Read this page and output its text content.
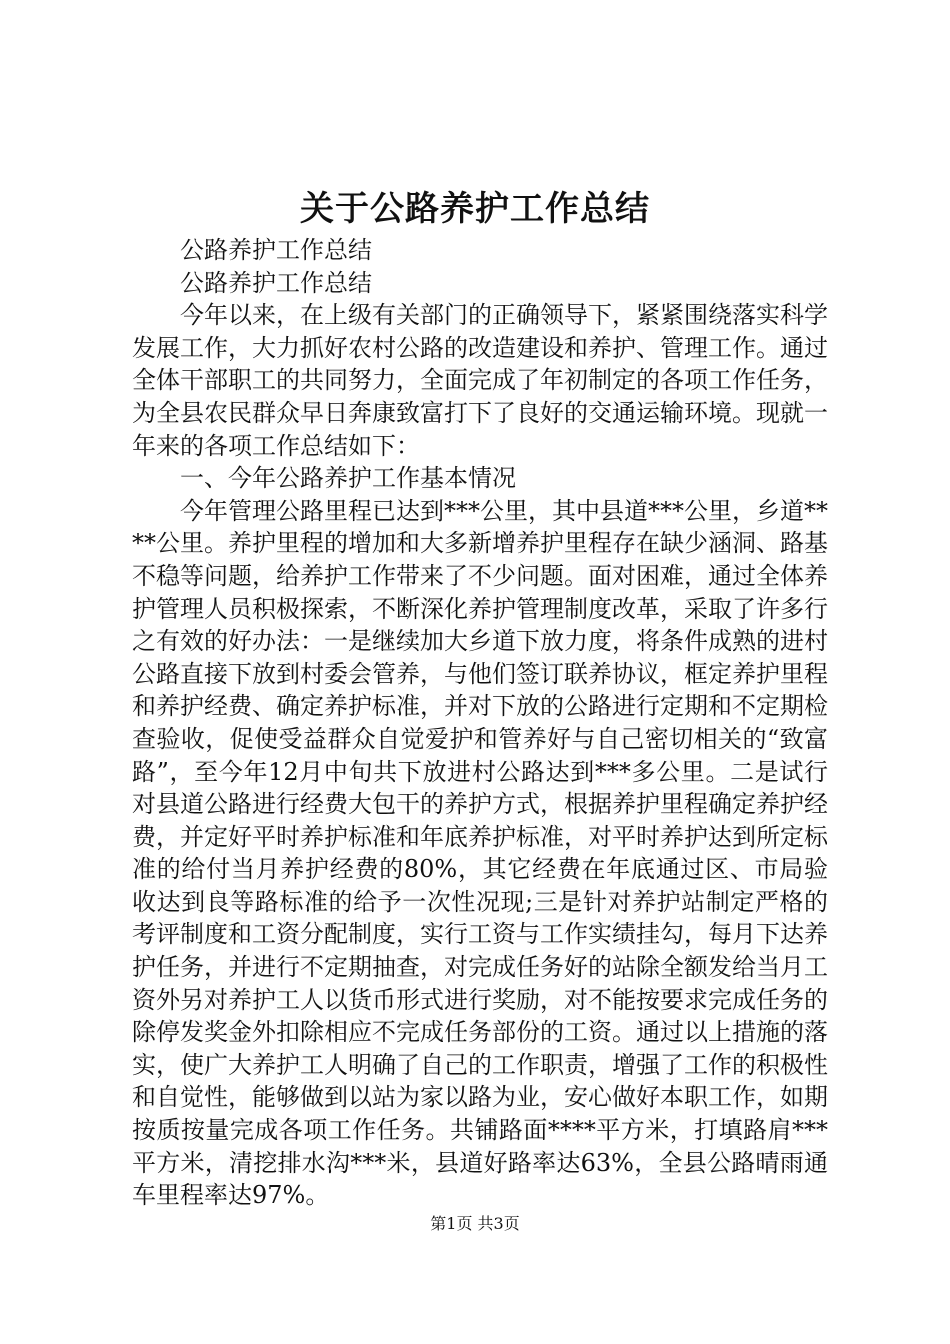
关于公路养护工作总结

公路养护工作总结

公路养护工作总结

今年以来，在上级有关部门的正确领导下，紧紧围绕落实科学发展工作，大力抓好农村公路的改造建设和养护、管理工作。通过全体干部职工的共同努力，全面完成了年初制定的各项工作任务，为全县农民群众早日奔康致富打下了良好的交通运输环境。现就一年来的各项工作总结如下：

一、今年公路养护工作基本情况

今年管理公路里程已达到***公里，其中县道***公里，乡道****公里。养护里程的增加和大多新增养护里程存在缺少涵洞、路基不稳等问题，给养护工作带来了不少问题。面对困难，通过全体养护管理人员积极探索，不断深化养护管理制度改革，采取了许多行之有效的好办法：一是继续加大乡道下放力度，将条件成熟的进村公路直接下放到村委会管养，与他们签订联养协议，框定养护里程和养护经费、确定养护标准，并对下放的公路进行定期和不定期检查验收，促使受益群众自觉爱护和管养好与自己密切相关的“致富路”，至今年12月中旬共下放进村公路达到***多公里。二是试行对县道公路进行经费大包干的养护方式，根据养护里程确定养护经费，并定好平时养护标准和年底养护标准，对平时养护达到所定标准的给付当月养护经费的80%，其它经费在年底通过区、市局验收达到良等路标准的给予一次性况现;三是针对养护站制定严格的考评制度和工资分配制度，实行工资与工作实绩挂勾，每月下达养护任务，并进行不定期抽查，对完成任务好的站除全额发给当月工资外另对养护工人以货币形式进行奖励，对不能按要求完成任务的除停发奖金外扣除相应不完成任务部份的工资。通过以上措施的落实，使广大养护工人明确了自己的工作职责，增强了工作的积极性和自觉性，能够做到以站为家以路为业，安心做好本职工作，如期按质按量完成各项工作任务。共铺路面****平方米，打填路肩***平方米，清挖排水沟***米，县道好路率达63%，全县公路晴雨通车里程率达97%。

第1页 共3页
